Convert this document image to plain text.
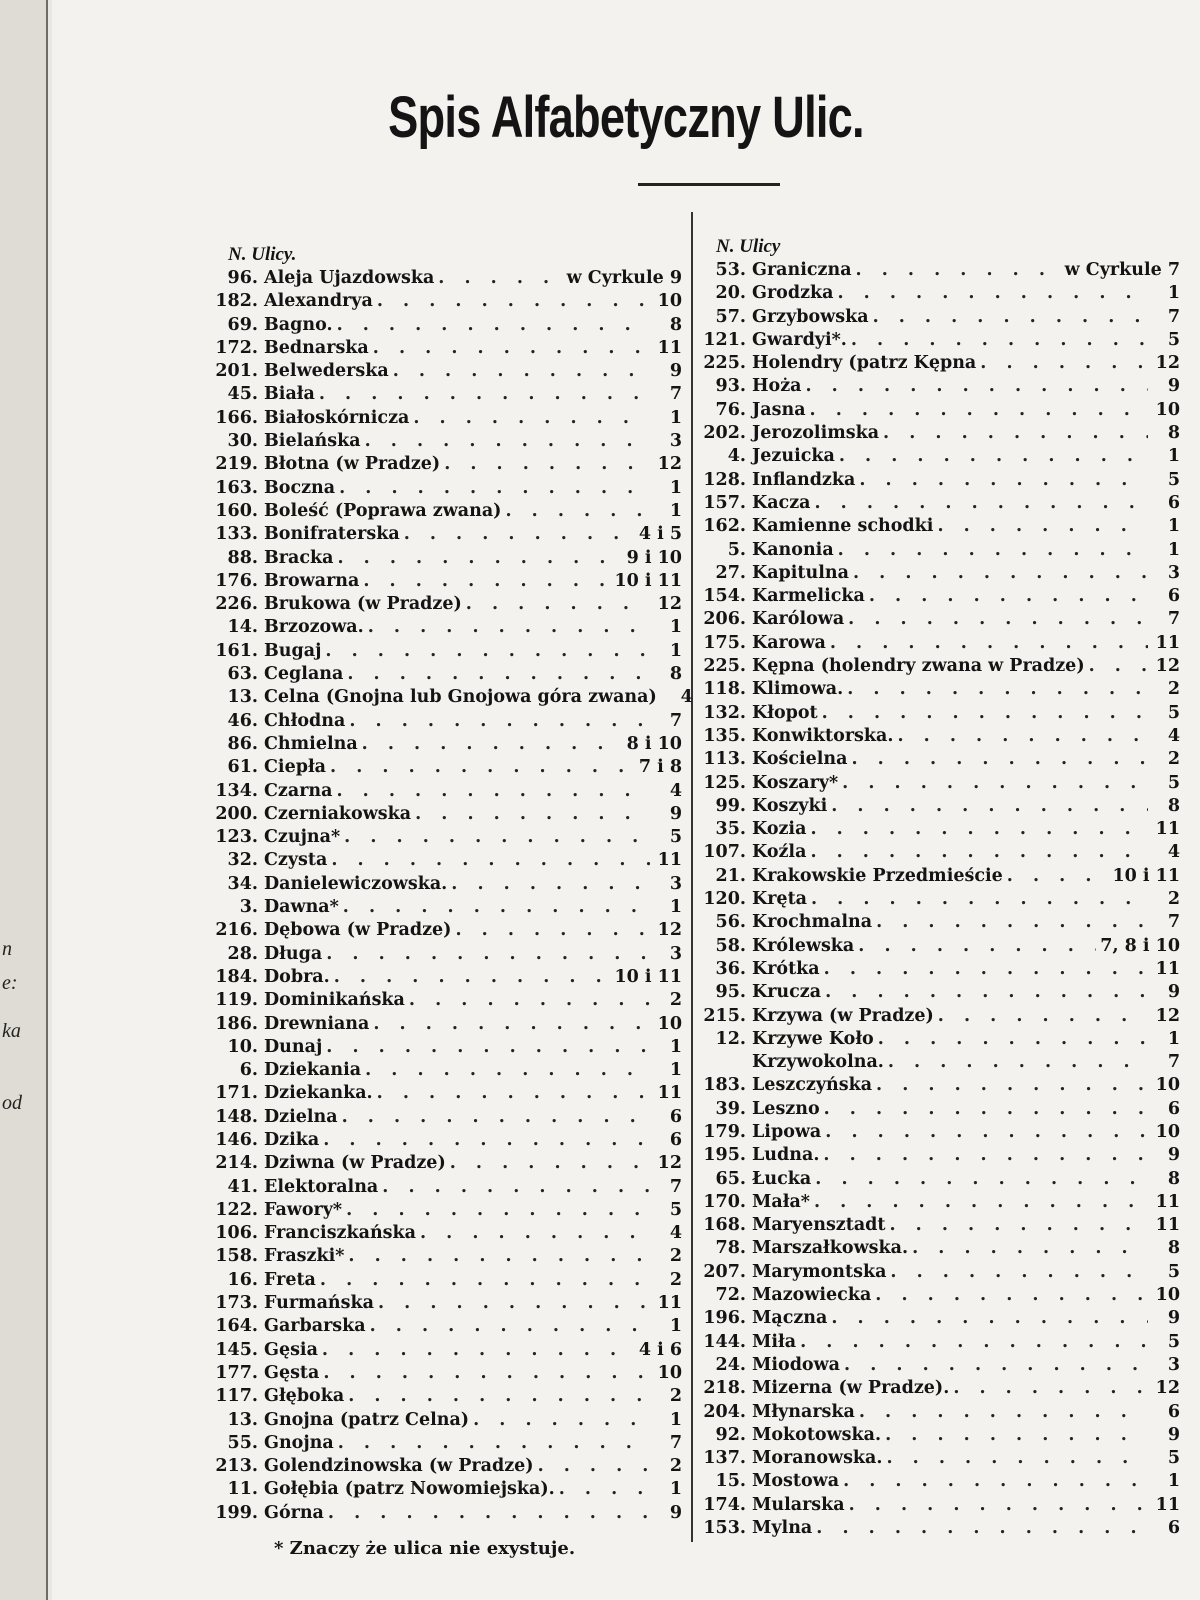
n
e:
ka
od
Spis Alfabetyczny Ulic.
N. Ulicy.
96. Aleja Ujazdowska . . .	w Cyrkule 9
182. Alexandrya . . .	10
69. Bagno. . . .	8
172. Bednarska . . .	11
201. Belwederska . . .	9
45. Biała . . .	7
166. Białoskórnicza . . .	1
30. Bielańska . . .	3
219. Błotna (w Pradze) . . .	12
163. Boczna . . .	1
160. Boleść (Poprawa zwana) . . .	1
133. Bonifraterska . . .	4 i 5
88. Bracka . . .	9 i 10
176. Browarna . . .	10 i 11
226. Brukowa (w Pradze) . . .	12
14. Brzozowa. . . .	1
161. Bugaj . . .	1
63. Ceglana . . .	8
13. Celna (Gnojna lub Gnojowa góra zwana)	4
46. Chłodna . . .	7
86. Chmielna . . .	8 i 10
61. Ciepła . . .	7 i 8
134. Czarna . . .	4
200. Czerniakowska . . .	9
123. Czujna* . . .	5
32. Czysta . . .	11
34. Danielewiczowska. . . .	3
3. Dawna* . . .	1
216. Dębowa (w Pradze) . . .	12
28. Długa . . .	3
184. Dobra. . . .	10 i 11
119. Dominikańska . . .	2
186. Drewniana . . .	10
10. Dunaj . . .	1
6. Dziekania . . .	1
171. Dziekanka. . . .	11
148. Dzielna . . .	6
146. Dzika . . .	6
214. Dziwna (w Pradze) . . .	12
41. Elektoralna . . .	7
122. Fawory* . . .	5
106. Franciszkańska . . .	4
158. Fraszki* . . .	2
16. Freta . . .	2
173. Furmańska . . .	11
164. Garbarska . . .	1
145. Gęsia . . .	4 i 6
177. Gęsta . . .	10
117. Głęboka . . .	2
13. Gnojna (patrz Celna) . . .	1
55. Gnojna . . .	7
213. Golendzinowska (w Pradze) . . .	2
11. Gołębia (patrz Nowomiejska). . . .	1
199. Górna . . .	9
N. Ulicy
53. Graniczna . . .	w Cyrkule 7
20. Grodzka . . .	1
57. Grzybowska . . .	7
121. Gwardyi*. . . .	5
225. Holendry (patrz Kępna . . .	12
93. Hoża . . .	9
76. Jasna . . .	10
202. Jerozolimska . . .	8
4. Jezuicka . . .	1
128. Inflandzka . . .	5
157. Kacza . . .	6
162. Kamienne schodki . . .	1
5. Kanonia . . .	1
27. Kapitulna . . .	3
154. Karmelicka . . .	6
206. Karólowa . . .	7
175. Karowa . . .	11
225. Kępna (holendry zwana w Pradze) . . .	12
118. Klimowa. . . .	2
132. Kłopot . . .	5
135. Konwiktorska. . . .	4
113. Kościelna . . .	2
125. Koszary* . . .	5
99. Koszyki . . .	8
35. Kozia . . .	11
107. Koźla . . .	4
21. Krakowskie Przedmieście . . .	10 i 11
120. Kręta . . .	2
56. Krochmalna . . .	7
58. Królewska . . .	7, 8 i 10
36. Krótka . . .	11
95. Krucza . . .	9
215. Krzywa (w Pradze) . . .	12
12. Krzywe Koło . . .	1
Krzywokolna. . . .	7
183. Leszczyńska . . .	10
39. Leszno . . .	6
179. Lipowa . . .	10
195. Ludna. . . .	9
65. Łucka . . .	8
170. Mała* . . .	11
168. Maryensztadt . . .	11
78. Marszałkowska. . . .	8
207. Marymontska . . .	5
72. Mazowiecka . . .	10
196. Mączna . . .	9
144. Miła . . .	5
24. Miodowa . . .	3
218. Mizerna (w Pradze). . . .	12
204. Młynarska . . .	6
92. Mokotowska. . . .	9
137. Moranowska. . . .	5
15. Mostowa . . .	1
174. Mularska . . .	11
153. Mylna . . .	6
* Znaczy że ulica nie exystuje.
